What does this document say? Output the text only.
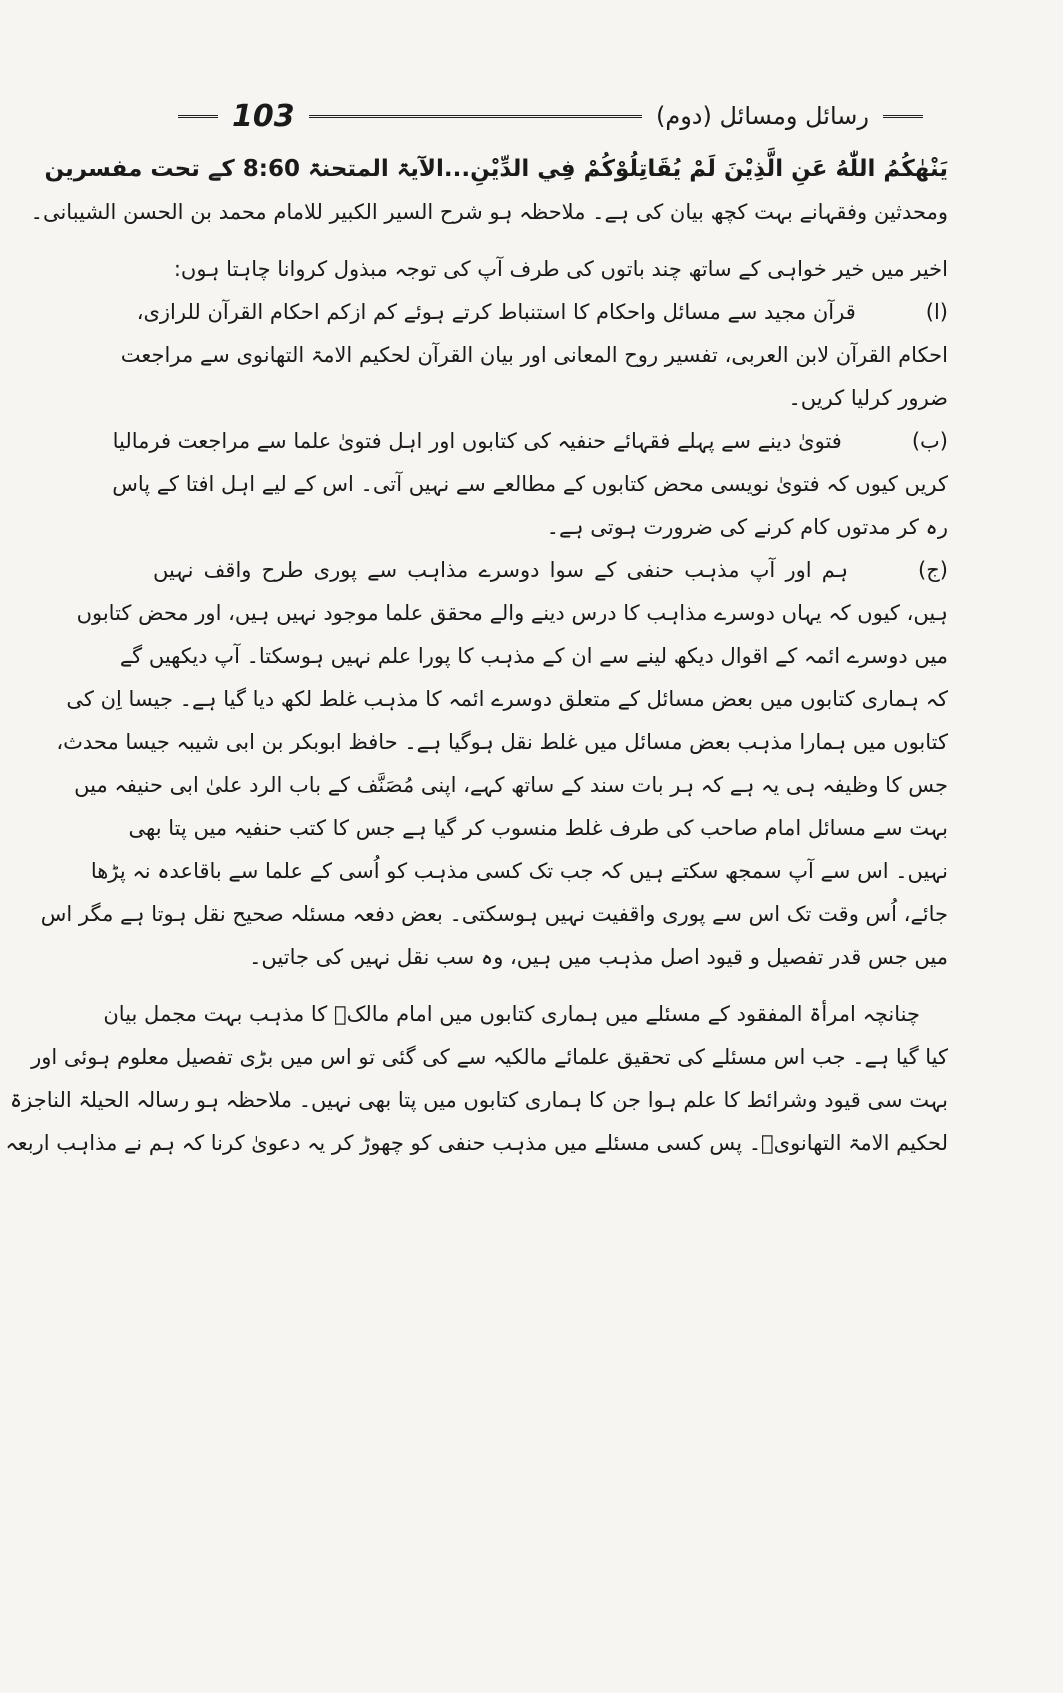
رسائل ومسائل (دوم)
103
يَنْهٰكُمُ اللّٰهُ عَنِ الَّذِيْنَ لَمْ يُقَاتِلُوْكُمْ فِي الدِّيْنِ...الآیۃ المتحنۃ 8:60 کے تحت مفسرین
ومحدثین وفقہانے بہت کچھ بیان کی ہے۔ ملاحظہ ہو شرح السیر الکبیر للامام محمد بن الحسن الشیبانی۔
اخیر میں خیر خواہی کے ساتھ چند باتوں کی طرف آپ کی توجہ مبذول کروانا چاہتا ہوں:
(ا)قرآن مجید سے مسائل واحکام کا استنباط کرتے ہوئے کم ازکم احکام القرآن للرازی،
احکام القرآن لابن العربی، تفسیر روح المعانی اور بیان القرآن لحکیم الامۃ التھانوی سے مراجعت
ضرور کرلیا کریں۔
(ب)فتویٰ دینے سے پہلے فقہائے حنفیہ کی کتابوں اور اہل فتویٰ علما سے مراجعت فرمالیا
کریں کیوں کہ فتویٰ نویسی محض کتابوں کے مطالعے سے نہیں آتی۔ اس کے لیے اہل افتا کے پاس
رہ کر مدتوں کام کرنے کی ضرورت ہوتی ہے۔
(ج)ہم اور آپ مذہب حنفی کے سوا دوسرے مذاہب سے پوری طرح واقف نہیں
ہیں، کیوں کہ یہاں دوسرے مذاہب کا درس دینے والے محقق علما موجود نہیں ہیں، اور محض کتابوں
میں دوسرے ائمہ کے اقوال دیکھ لینے سے ان کے مذہب کا پورا علم نہیں ہوسکتا۔ آپ دیکھیں گے
کہ ہماری کتابوں میں بعض مسائل کے متعلق دوسرے ائمہ کا مذہب غلط لکھ دیا گیا ہے۔ جیسا اِن کی
کتابوں میں ہمارا مذہب بعض مسائل میں غلط نقل ہوگیا ہے۔ حافظ ابوبکر بن ابی شیبہ جیسا محدث،
جس کا وظیفہ ہی یہ ہے کہ ہر بات سند کے ساتھ کہے، اپنی مُصَنَّف کے باب الرد علیٰ ابی حنیفہ میں
بہت سے مسائل امام صاحب کی طرف غلط منسوب کر گیا ہے جس کا کتب حنفیہ میں پتا بھی
نہیں۔ اس سے آپ سمجھ سکتے ہیں کہ جب تک کسی مذہب کو اُسی کے علما سے باقاعدہ نہ پڑھا
جائے، اُس وقت تک اس سے پوری واقفیت نہیں ہوسکتی۔ بعض دفعہ مسئلہ صحیح نقل ہوتا ہے مگر اس
میں جس قدر تفصیل و قیود اصل مذہب میں ہیں، وہ سب نقل نہیں کی جاتیں۔
چنانچہ امرأۃ المفقود کے مسئلے میں ہماری کتابوں میں امام مالکؒ کا مذہب بہت مجمل بیان
کیا گیا ہے۔ جب اس مسئلے کی تحقیق علمائے مالکیہ سے کی گئی تو اس میں بڑی تفصیل معلوم ہوئی اور
بہت سی قیود وشرائط کا علم ہوا جن کا ہماری کتابوں میں پتا بھی نہیں۔ ملاحظہ ہو رسالہ الحیلۃ الناجزۃ
لحکیم الامۃ التھانویؒ۔ پس کسی مسئلے میں مذہب حنفی کو چھوڑ کر یہ دعویٰ کرنا کہ ہم نے مذاہب اربعہ
